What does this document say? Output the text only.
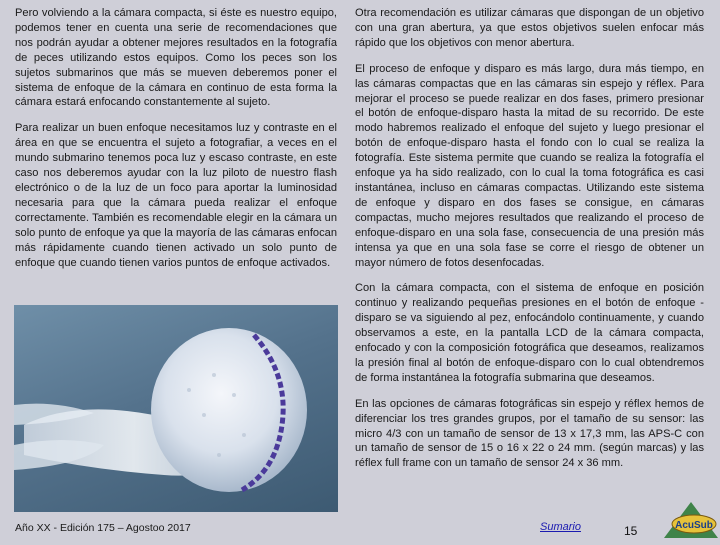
Pero volviendo a la cámara compacta, si éste es nuestro equipo, podemos tener en cuenta una serie de recomendaciones que nos podrán ayudar a obtener mejores resultados en la fotografía de peces utilizando estos equipos. Como los peces son los sujetos submarinos que más se mueven deberemos poner el sistema de enfoque de la cámara en continuo de esta forma la cámara estará enfocando constantemente al sujeto.

Para realizar un buen enfoque necesitamos luz y contraste en el área en que se encuentra el sujeto a fotografiar, a veces en el mundo submarino tenemos poca luz y escaso contraste, en este caso nos deberemos ayudar con la luz piloto de nuestro flash electrónico o de la luz de un foco para aportar la luminosidad necesaria para que la cámara pueda realizar el enfoque correctamente. También es recomendable elegir en la cámara un solo punto de enfoque ya que la mayoría de las cámaras enfocan más rápidamente cuando tienen activado un solo punto de enfoque que cuando tienen varios puntos de enfoque activados.

Otra recomendación es utilizar cámaras que dispongan de un objetivo con una gran abertura, ya que estos objetivos suelen enfocar más rápido que los objetivos con menor abertura.

El proceso de enfoque y disparo es más largo, dura más tiempo, en las cámaras compactas que en las cámaras sin espejo y réflex. Para mejorar el proceso se puede realizar en dos fases, primero presionar el botón de enfoque-disparo hasta la mitad de su recorrido. De este modo habremos realizado el enfoque del sujeto y luego presionar el botón de enfoque-disparo hasta el fondo con lo cual se realiza la fotografía. Este sistema permite que cuando se realiza la fotografía el enfoque ya ha sido realizado, con lo cual la toma fotográfica es casi instantánea, incluso en cámaras compactas. Utilizando este sistema de enfoque y disparo en dos fases se consigue, en cámaras compactas, mucho mejores resultados que realizando el proceso de enfoque-disparo en una sola fase, consecuencia de una presión más intensa ya que en una sola fase se corre el riesgo de obtener un mayor número de fotos desenfocadas.

Con la cámara compacta, con el sistema de enfoque en posición continuo y realizando pequeñas presiones en el botón de enfoque -disparo se va siguiendo al pez, enfocándolo continuamente, y cuando observamos a este, en la pantalla LCD de la cámara compacta, enfocado y con la composición fotográfica que deseamos, realizamos la presión final al botón de enfoque-disparo con lo cual obtendremos de forma instantánea la fotografía submarina que deseamos.

En las opciones de cámaras fotográficas sin espejo y réflex hemos de diferenciar los tres grandes grupos, por el tamaño de su sensor: las micro 4/3 con un tamaño de sensor de 13 x 17,3 mm, las APS-C con un tamaño de sensor de 15 o 16 x 22 o 24 mm. (según marcas) y las réflex full frame con un tamaño de sensor 24 x 36 mm.

Año XX - Edición 175 – Agostoo 2017	Sumario	15	AcuSub
